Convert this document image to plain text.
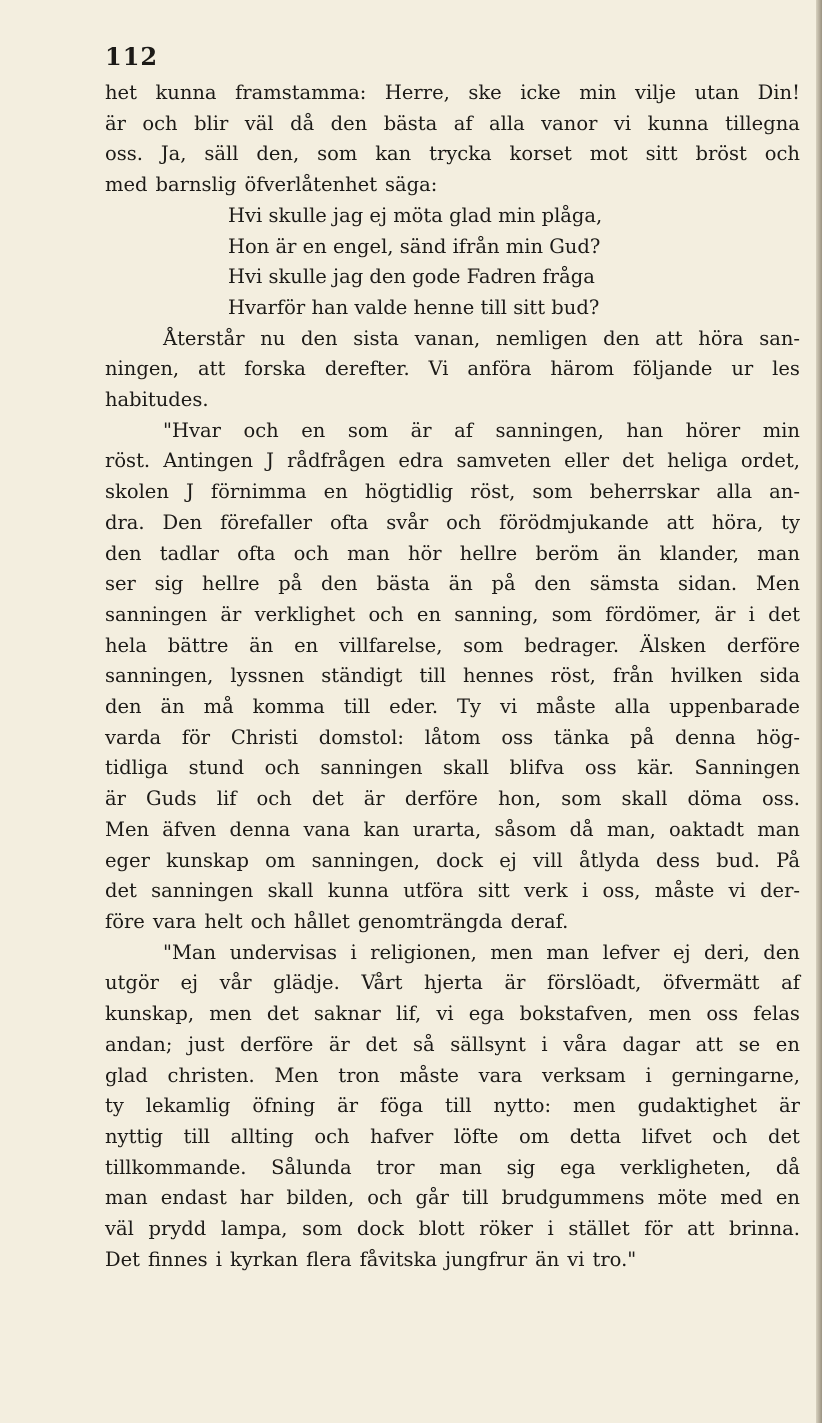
112
het kunna framstamma: Herre, ske icke min vilje utan Din!
är och blir väl då den bästa af alla vanor vi kunna tillegna
oss. Ja, säll den, som kan trycka korset mot sitt bröst och
med barnslig öfverlåtenhet säga:
Hvi skulle jag ej möta glad min plåga,
Hon är en engel, sänd ifrån min Gud?
Hvi skulle jag den gode Fadren fråga
Hvarför han valde henne till sitt bud?
Återstår nu den sista vanan, nemligen den att höra san-
ningen, att forska derefter. Vi anföra härom följande ur les
habitudes.
"Hvar och en som är af sanningen, han hörer min
röst. Antingen J rådfrågen edra samveten eller det heliga ordet,
skolen J förnimma en högtidlig röst, som beherrskar alla an-
dra. Den förefaller ofta svår och förödmjukande att höra, ty
den tadlar ofta och man hör hellre beröm än klander, man
ser sig hellre på den bästa än på den sämsta sidan. Men
sanningen är verklighet och en sanning, som fördömer, är i det
hela bättre än en villfarelse, som bedrager. Älsken derföre
sanningen, lyssnen ständigt till hennes röst, från hvilken sida
den än må komma till eder. Ty vi måste alla uppenbarade
varda för Christi domstol: låtom oss tänka på denna hög-
tidliga stund och sanningen skall blifva oss kär. Sanningen
är Guds lif och det är derföre hon, som skall döma oss.
Men äfven denna vana kan urarta, såsom då man, oaktadt man
eger kunskap om sanningen, dock ej vill åtlyda dess bud. På
det sanningen skall kunna utföra sitt verk i oss, måste vi der-
före vara helt och hållet genomträngda deraf.
"Man undervisas i religionen, men man lefver ej deri, den
utgör ej vår glädje. Vårt hjerta är förslöadt, öfvermätt af
kunskap, men det saknar lif, vi ega bokstafven, men oss felas
andan; just derföre är det så sällsynt i våra dagar att se en
glad christen. Men tron måste vara verksam i gerningarne,
ty lekamlig öfning är föga till nytto: men gudaktighet är
nyttig till allting och hafver löfte om detta lifvet och det
tillkommande. Sålunda tror man sig ega verkligheten, då
man endast har bilden, och går till brudgummens möte med en
väl prydd lampa, som dock blott röker i stället för att brinna.
Det finnes i kyrkan flera fåvitska jungfrur än vi tro."
